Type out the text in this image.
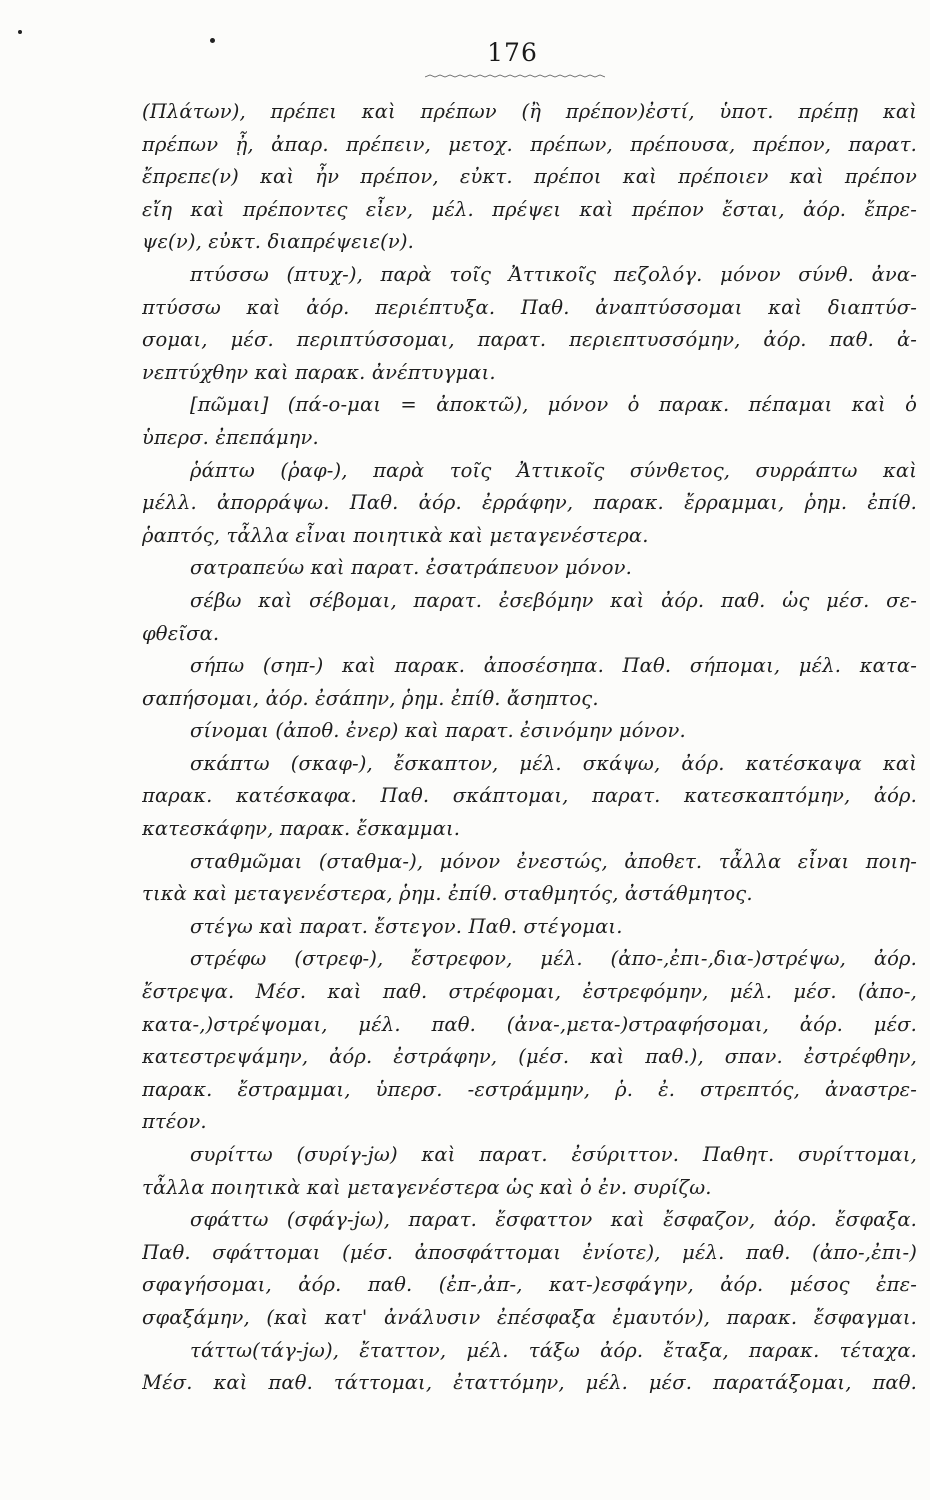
176
(Πλάτων), πρέπει καὶ πρέπων (ἢ πρέπον)ἐστί, ὑποτ. πρέπῃ καὶ
πρέπων ᾖ, ἀπαρ. πρέπειν, μετοχ. πρέπων, πρέπουσα, πρέπον, παρατ.
ἔπρεπε(ν) καὶ ἦν πρέπον, εὐκτ. πρέποι καὶ πρέποιεν καὶ πρέπον
εἴη καὶ πρέποντες εἶεν, μέλ. πρέψει καὶ πρέπον ἔσται, ἀόρ. ἔπρε-
ψε(ν), εὐκτ. διαπρέψειε(ν).
πτύσσω (πτυχ-), παρὰ τοῖς Ἀττικοῖς πεζολόγ. μόνον σύνθ. ἀνα-
πτύσσω καὶ ἀόρ. περιέπτυξα. Παθ. ἀναπτύσσομαι καὶ διαπτύσ-
σομαι, μέσ. περιπτύσσομαι, παρατ. περιεπτυσσόμην, ἀόρ. παθ. ἀ-
νεπτύχθην καὶ παρακ. ἀνέπτυγμαι.
[πῶμαι] (πά-ο-μαι = ἀποκτῶ), μόνον ὁ παρακ. πέπαμαι καὶ ὁ
ὑπερσ. ἐπεπάμην.
ῥάπτω (ῥαφ-), παρὰ τοῖς Ἀττικοῖς σύνθετος, συρράπτω καὶ
μέλλ. ἀπορράψω. Παθ. ἀόρ. ἐρράφην, παρακ. ἔρραμμαι, ῥημ. ἐπίθ.
ῥαπτός, τἆλλα εἶναι ποιητικὰ καὶ μεταγενέστερα.
σατραπεύω καὶ παρατ. ἐσατράπευον μόνον.
σέβω καὶ σέβομαι, παρατ. ἐσεβόμην καὶ ἀόρ. παθ. ὡς μέσ. σε-
φθεῖσα.
σήπω (σηπ-) καὶ παρακ. ἀποσέσηπα. Παθ. σήπομαι, μέλ. κατα-
σαπήσομαι, ἀόρ. ἐσάπην, ῥημ. ἐπίθ. ἄσηπτος.
σίνομαι (ἀποθ. ἐνερ) καὶ παρατ. ἐσινόμην μόνον.
σκάπτω (σκαφ-), ἔσκαπτον, μέλ. σκάψω, ἀόρ. κατέσκαψα καὶ
παρακ. κατέσκαφα. Παθ. σκάπτομαι, παρατ. κατεσκαπτόμην, ἀόρ.
κατεσκάφην, παρακ. ἔσκαμμαι.
σταθμῶμαι (σταθμα-), μόνον ἐνεστώς, ἀποθετ. τἆλλα εἶναι ποιη-
τικὰ καὶ μεταγενέστερα, ῥημ. ἐπίθ. σταθμητός, ἀστάθμητος.
στέγω καὶ παρατ. ἔστεγον. Παθ. στέγομαι.
στρέφω (στρεφ-), ἔστρεφον, μέλ. (ἀπο-,ἐπι-,δια-)στρέψω, ἀόρ.
ἔστρεψα. Μέσ. καὶ παθ. στρέφομαι, ἐστρεφόμην, μέλ. μέσ. (ἀπο-,
κατα-,)στρέψομαι, μέλ. παθ. (ἀνα-,μετα-)στραφήσομαι, ἀόρ. μέσ.
κατεστρεψάμην, ἀόρ. ἐστράφην, (μέσ. καὶ παθ.), σπαν. ἐστρέφθην,
παρακ. ἔστραμμαι, ὑπερσ. -εστράμμην, ῥ. ἐ. στρεπτός, ἀναστρε-
πτέον.
συρίττω (συρίγ-jω) καὶ παρατ. ἐσύριττον. Παθητ. συρίττομαι,
τἆλλα ποιητικὰ καὶ μεταγενέστερα ὡς καὶ ὁ ἐν. συρίζω.
σφάττω (σφάγ-jω), παρατ. ἔσφαττον καὶ ἔσφαζον, ἀόρ. ἔσφαξα.
Παθ. σφάττομαι (μέσ. ἀποσφάττομαι ἐνίοτε), μέλ. παθ. (ἀπο-,ἐπι-)
σφαγήσομαι, ἀόρ. παθ. (ἐπ-,ἀπ-, κατ-)εσφάγην, ἀόρ. μέσος ἐπε-
σφαξάμην, (καὶ κατ' ἀνάλυσιν ἐπέσφαξα ἐμαυτόν), παρακ. ἔσφαγμαι.
τάττω(τάγ-jω), ἔταττον, μέλ. τάξω ἀόρ. ἔταξα, παρακ. τέταχα.
Μέσ. καὶ παθ. τάττομαι, ἐταττόμην, μέλ. μέσ. παρατάξομαι, παθ.
